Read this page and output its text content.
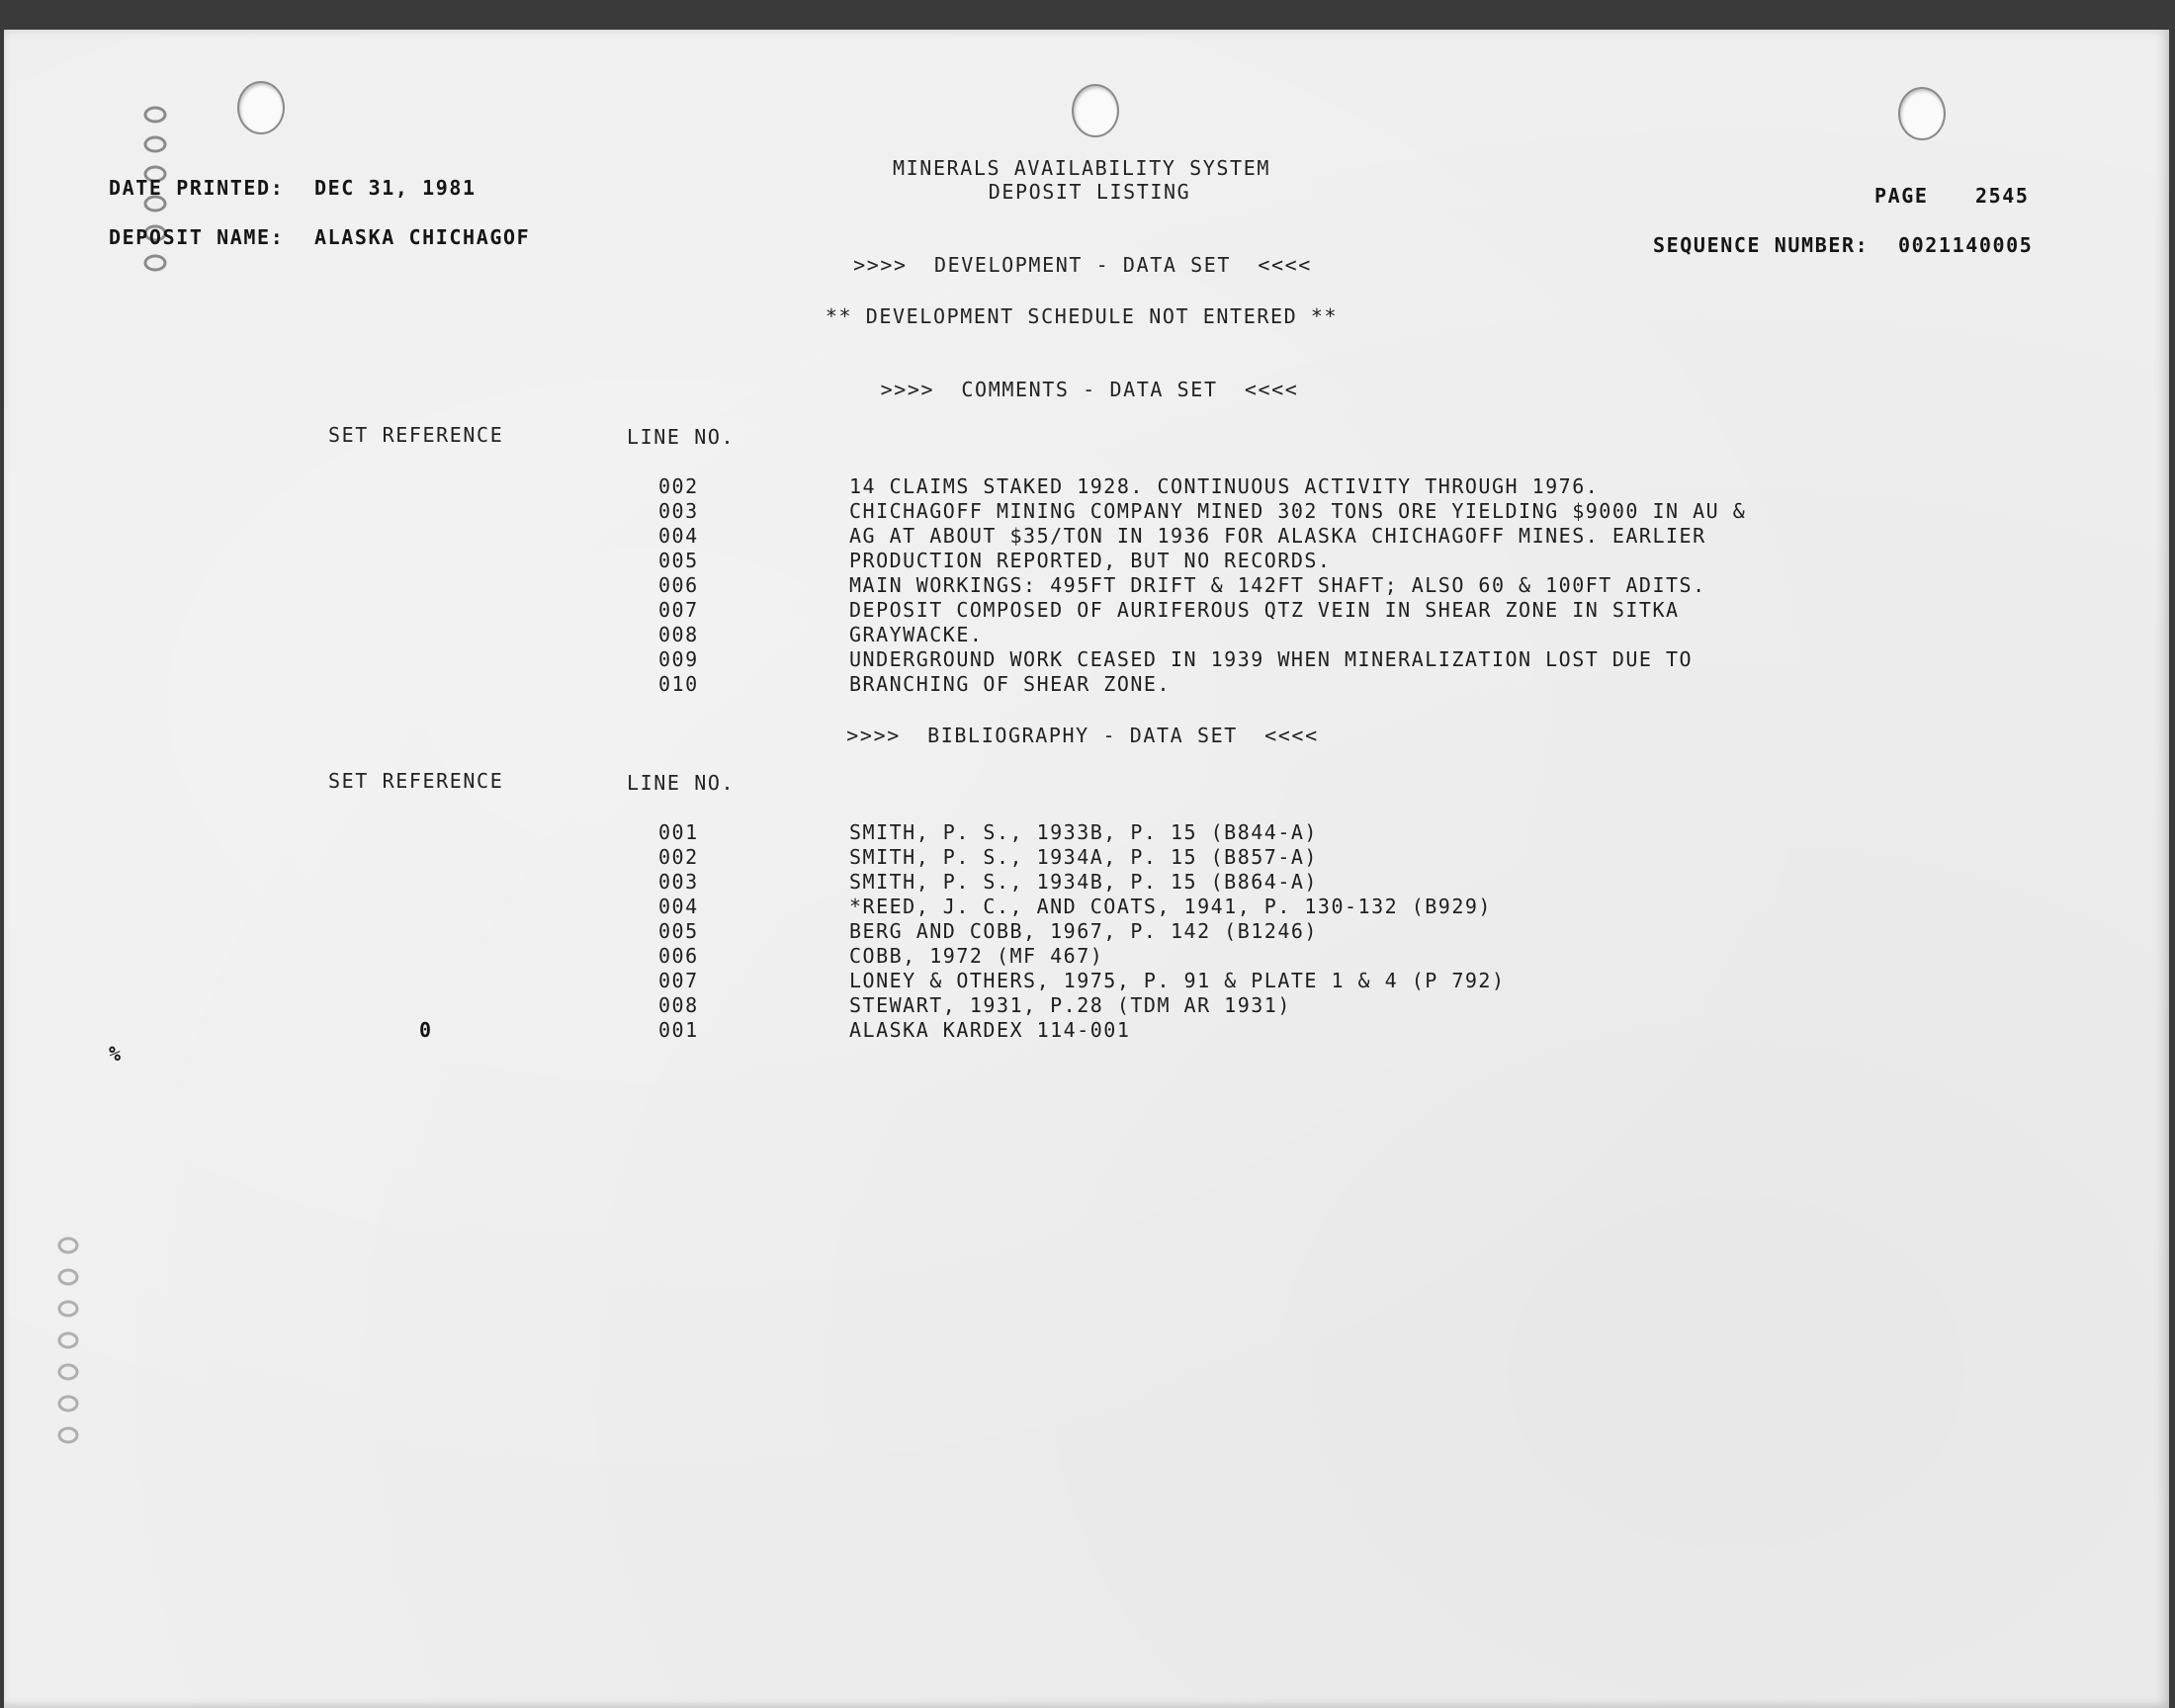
MINERALS AVAILABILITY SYSTEM
DEPOSIT LISTING
DATE PRINTED: DEC 31, 1981	PAGE 2545
DEPOSIT NAME: ALASKA CHICHAGOF	SEQUENCE NUMBER: 0021140005
>>>>  DEVELOPMENT - DATA SET  <<<<
** DEVELOPMENT SCHEDULE NOT ENTERED **
>>>>  COMMENTS - DATA SET  <<<<
SET REFERENCE	LINE NO.
002	14 CLAIMS STAKED 1928. CONTINUOUS ACTIVITY THROUGH 1976.
003	CHICHAGOFF MINING COMPANY MINED 302 TONS ORE YIELDING $9000 IN AU &
004	AG AT ABOUT $35/TON IN 1936 FOR ALASKA CHICHAGOFF MINES. EARLIER
005	PRODUCTION REPORTED, BUT NO RECORDS.
006	MAIN WORKINGS: 495FT DRIFT & 142FT SHAFT; ALSO 60 & 100FT ADITS.
007	DEPOSIT COMPOSED OF AURIFEROUS QTZ VEIN IN SHEAR ZONE IN SITKA
008	GRAYWACKE.
009	UNDERGROUND WORK CEASED IN 1939 WHEN MINERALIZATION LOST DUE TO
010	BRANCHING OF SHEAR ZONE.
>>>>  BIBLIOGRAPHY - DATA SET  <<<<
SET REFERENCE	LINE NO.
001	SMITH, P. S., 1933B, P. 15 (B844-A)
002	SMITH, P. S., 1934A, P. 15 (B857-A)
003	SMITH, P. S., 1934B, P. 15 (B864-A)
004	*REED, J. C., AND COATS, 1941, P. 130-132 (B929)
005	BERG AND COBB, 1967, P. 142 (B1246)
006	COBB, 1972 (MF 467)
007	LONEY & OTHERS, 1975, P. 91 & PLATE 1 & 4 (P 792)
008	STEWART, 1931, P.28 (TDM AR 1931)
0	001	ALASKA KARDEX 114-001
%
